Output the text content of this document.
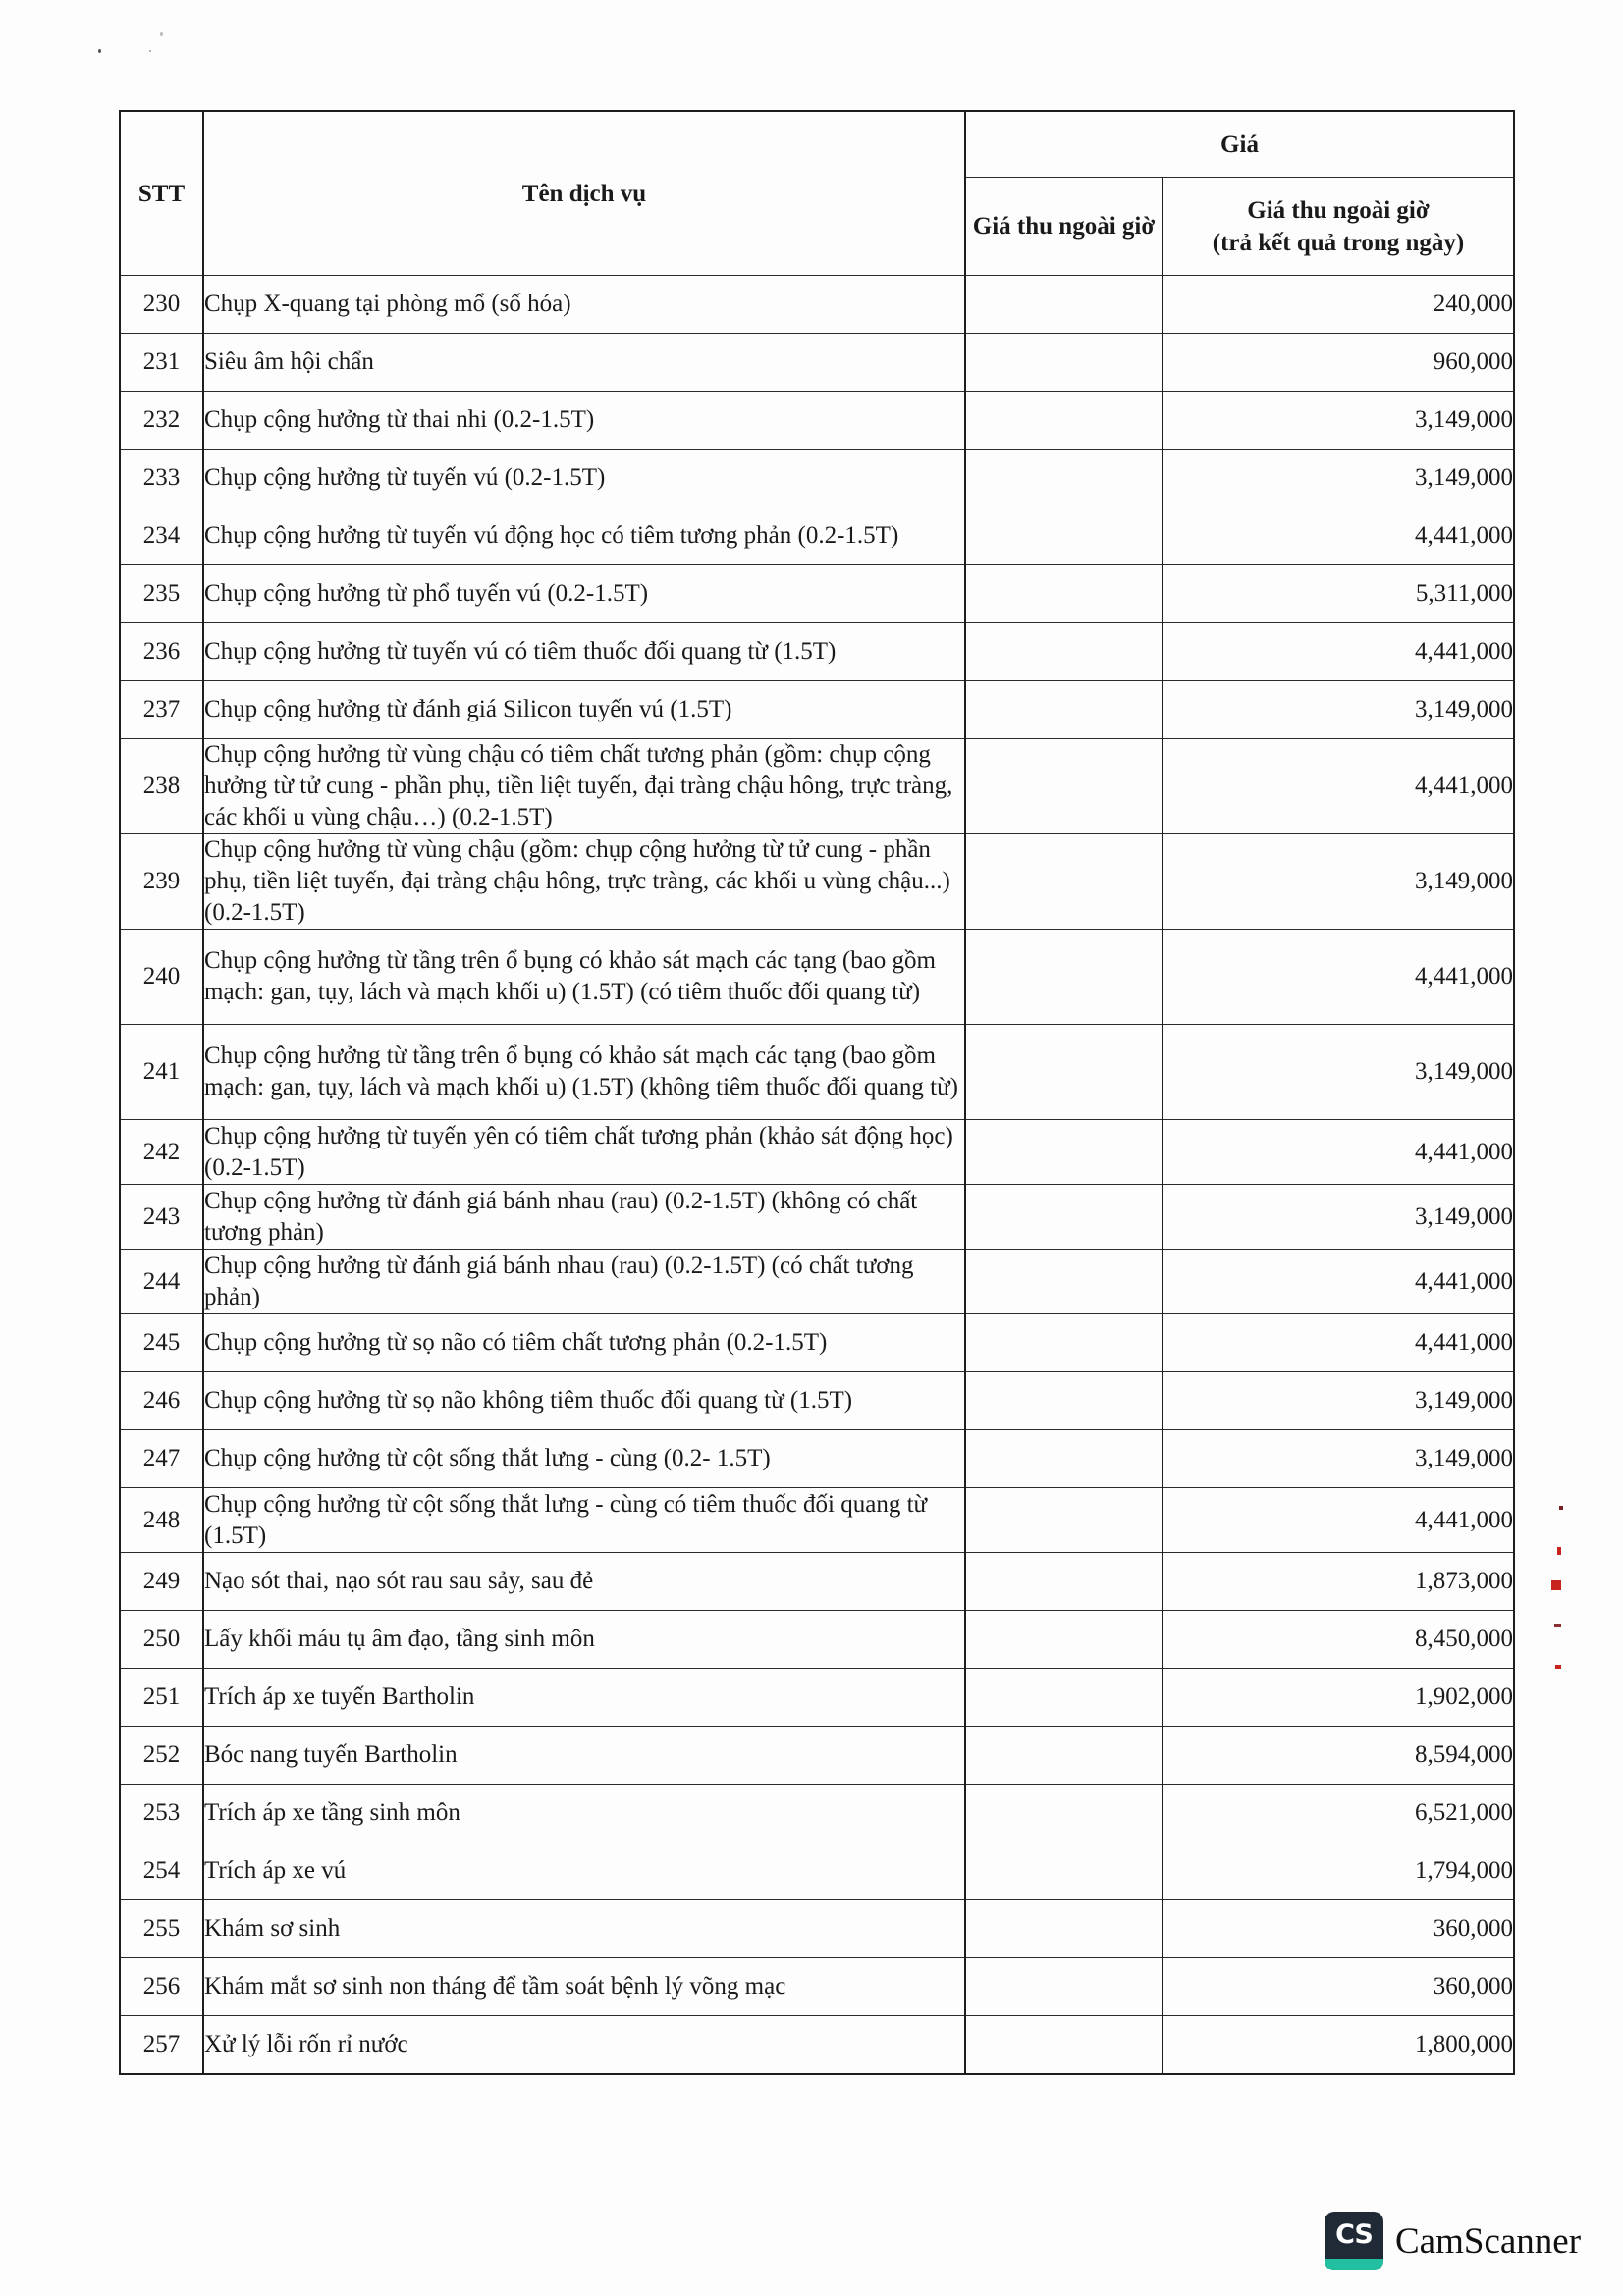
STT	Tên dịch vụ	Giá	
		Giá thu ngoài giờ	Giá thu ngoài giờ
(trả kết quả trong ngày)
230	Chụp X-quang tại phòng mổ (số hóa)		240,000
231	Siêu âm hội chẩn		960,000
232	Chụp cộng hưởng từ thai nhi (0.2-1.5T)		3,149,000
233	Chụp cộng hưởng từ tuyến vú (0.2-1.5T)		3,149,000
234	Chụp cộng hưởng từ tuyến vú động học có tiêm tương phản (0.2-1.5T)		4,441,000
235	Chụp cộng hưởng từ phổ tuyến vú (0.2-1.5T)		5,311,000
236	Chụp cộng hưởng từ tuyến vú có tiêm thuốc đối quang từ (1.5T)		4,441,000
237	Chụp cộng hưởng từ đánh giá Silicon tuyến vú (1.5T)		3,149,000
238	Chụp cộng hưởng từ vùng chậu có tiêm chất tương phản (gồm: chụp cộng hưởng từ tử cung - phần phụ, tiền liệt tuyến, đại tràng chậu hông, trực tràng, các khối u vùng chậu…) (0.2-1.5T)		4,441,000
239	Chụp cộng hưởng từ vùng chậu (gồm: chụp cộng hưởng từ tử cung - phần phụ, tiền liệt tuyến, đại tràng chậu hông, trực tràng, các khối u vùng chậu...) (0.2-1.5T)		3,149,000
240	Chụp cộng hưởng từ tầng trên ổ bụng có khảo sát mạch các tạng (bao gồm mạch: gan, tụy, lách và mạch khối u) (1.5T) (có tiêm thuốc đối quang từ)		4,441,000
241	Chụp cộng hưởng từ tầng trên ổ bụng có khảo sát mạch các tạng (bao gồm mạch: gan, tụy, lách và mạch khối u) (1.5T) (không tiêm thuốc đối quang từ)		3,149,000
242	Chụp cộng hưởng từ tuyến yên có tiêm chất tương phản (khảo sát động học) (0.2-1.5T)		4,441,000
243	Chụp cộng hưởng từ đánh giá bánh nhau (rau) (0.2-1.5T) (không có chất tương phản)		3,149,000
244	Chụp cộng hưởng từ đánh giá bánh nhau (rau) (0.2-1.5T) (có chất tương phản)		4,441,000
245	Chụp cộng hưởng từ sọ não có tiêm chất tương phản (0.2-1.5T)		4,441,000
246	Chụp cộng hưởng từ sọ não không tiêm thuốc đối quang từ (1.5T)		3,149,000
247	Chụp cộng hưởng từ cột sống thắt lưng - cùng (0.2- 1.5T)		3,149,000
248	Chụp cộng hưởng từ cột sống thắt lưng - cùng có tiêm thuốc đối quang từ (1.5T)		4,441,000
249	Nạo sót thai, nạo sót rau sau sảy, sau đẻ		1,873,000
250	Lấy khối máu tụ âm đạo, tầng sinh môn		8,450,000
251	Trích áp xe tuyến Bartholin		1,902,000
252	Bóc nang tuyến Bartholin		8,594,000
253	Trích áp xe tầng sinh môn		6,521,000
254	Trích áp xe vú		1,794,000
255	Khám sơ sinh		360,000
256	Khám mắt sơ sinh non tháng để tầm soát bệnh lý võng mạc		360,000
257	Xử lý lỗi rốn rỉ nước		1,800,000
CS CamScanner
